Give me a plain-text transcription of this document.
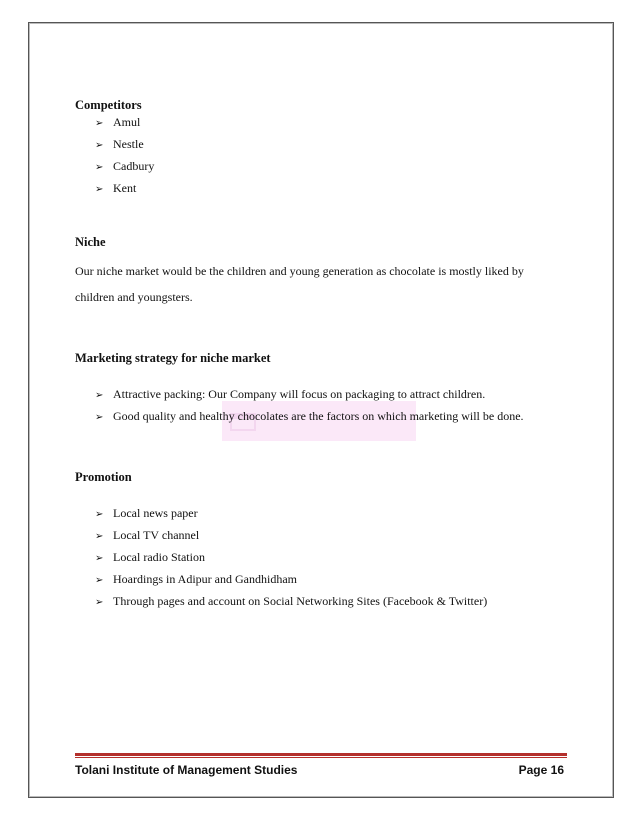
Competitors
➢ Amul
➢ Nestle
➢ Cadbury
➢ Kent
Niche
Our niche market would be the children and young generation as chocolate is mostly liked by children and youngsters.
Marketing strategy for niche market
➢ Attractive packing: Our Company will focus on packaging to attract children.
➢ Good quality and healthy chocolates are the factors on which marketing will be done.
Promotion
➢ Local news paper
➢ Local TV channel
➢ Local radio Station
➢ Hoardings in Adipur and Gandhidham
➢ Through pages and account on Social Networking Sites (Facebook & Twitter)
Tolani Institute of Management Studies	Page 16
